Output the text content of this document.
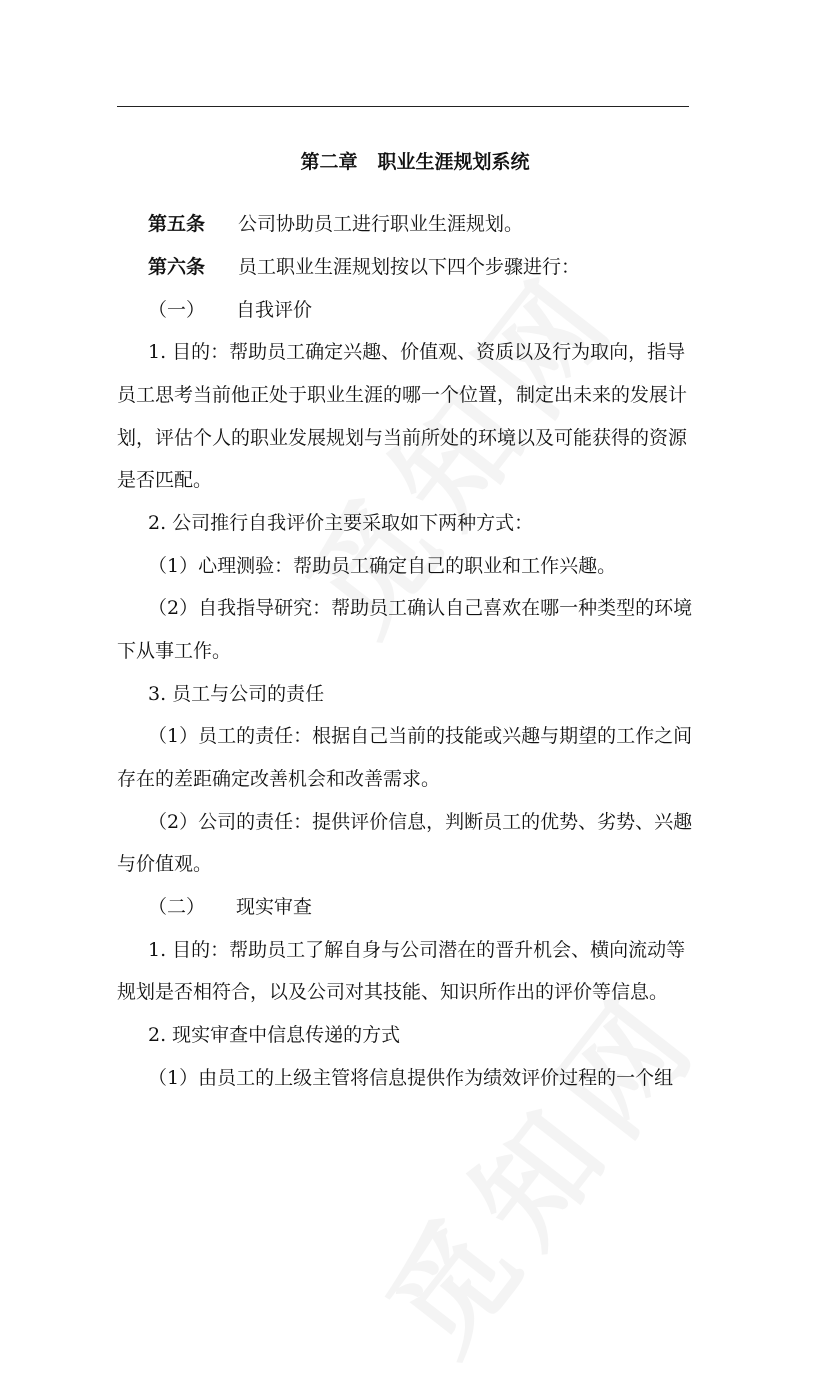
第二章 职业生涯规划系统
第五条 公司协助员工进行职业生涯规划。
第六条 员工职业生涯规划按以下四个步骤进行：
（一） 自我评价
1. 目的：帮助员工确定兴趣、价值观、资质以及行为取向，指导
员工思考当前他正处于职业生涯的哪一个位置，制定出未来的发展计
划，评估个人的职业发展规划与当前所处的环境以及可能获得的资源
是否匹配。
2. 公司推行自我评价主要采取如下两种方式：
（1）心理测验：帮助员工确定自己的职业和工作兴趣。
（2）自我指导研究：帮助员工确认自己喜欢在哪一种类型的环境
下从事工作。
3. 员工与公司的责任
（1）员工的责任：根据自己当前的技能或兴趣与期望的工作之间
存在的差距确定改善机会和改善需求。
（2）公司的责任：提供评价信息，判断员工的优势、劣势、兴趣
与价值观。
（二） 现实审查
1. 目的：帮助员工了解自身与公司潜在的晋升机会、横向流动等
规划是否相符合，以及公司对其技能、知识所作出的评价等信息。
2. 现实审查中信息传递的方式
（1）由员工的上级主管将信息提供作为绩效评价过程的一个组
